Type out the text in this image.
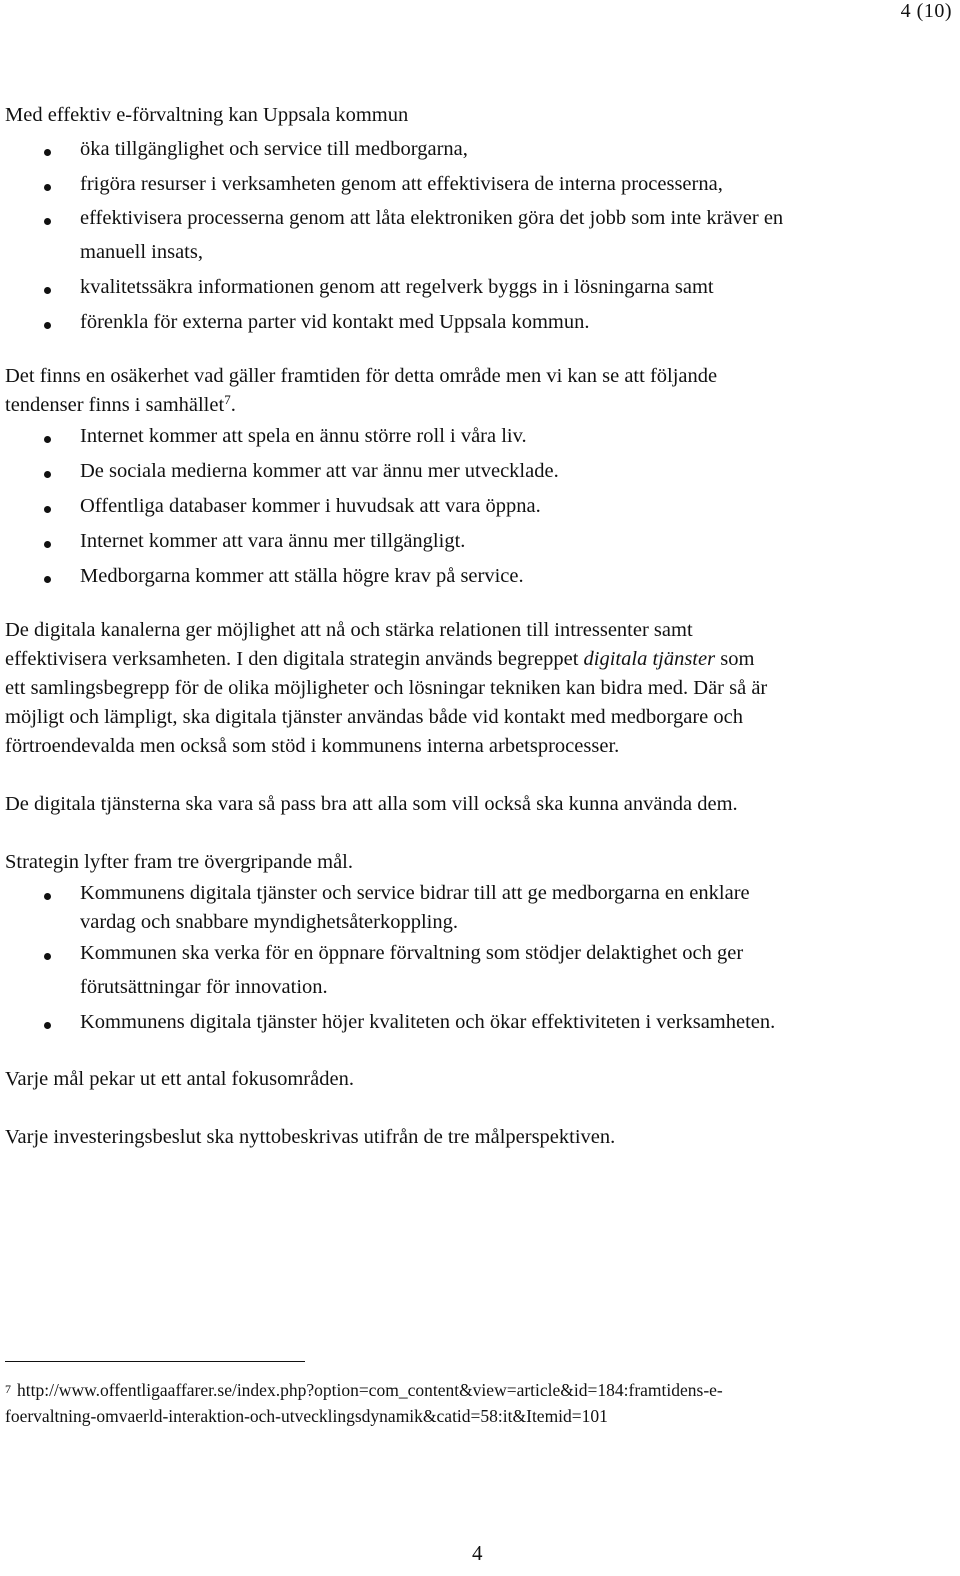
4 (10)

Med effektiv e-förvaltning kan Uppsala kommun

öka tillgänglighet och service till medborgarna,
frigöra resurser i verksamheten genom att effektivisera de interna processerna,
effektivisera processerna genom att låta elektroniken göra det jobb som inte kräver en
manuell insats,
kvalitetssäkra informationen genom att regelverk byggs in i lösningarna samt
förenkla för externa parter vid kontakt med Uppsala kommun.

Det finns en osäkerhet vad gäller framtiden för detta område men vi kan se att följande

tendenser finns i samhället$^7$.

Internet kommer att spela en ännu större roll i våra liv.
De sociala medierna kommer att var ännu mer utvecklade.
Offentliga databaser kommer i huvudsak att vara öppna.
Internet kommer att vara ännu mer tillgängligt.
Medborgarna kommer att ställa högre krav på service.

De digitala kanalerna ger möjlighet att nå och stärka relationen till intressenter samt

effektivisera verksamheten. I den digitala strategin används begreppet digitala tjänster som

ett samlingsbegrepp för de olika möjligheter och lösningar tekniken kan bidra med. Där så är

möjligt och lämpligt, ska digitala tjänster användas både vid kontakt med medborgare och

förtroendevalda men också som stöd i kommunens interna arbetsprocesser.

De digitala tjänsterna ska vara så pass bra att alla som vill också ska kunna använda dem.

Strategin lyfter fram tre övergripande mål.

Kommunens digitala tjänster och service bidrar till att ge medborgarna en enklare
vardag och snabbare myndighetsåterkoppling.
Kommunen ska verka för en öppnare förvaltning som stödjer delaktighet och ger
förutsättningar för innovation.
Kommunens digitala tjänster höjer kvaliteten och ökar effektiviteten i verksamheten.

Varje mål pekar ut ett antal fokusområden.

Varje investeringsbeslut ska nyttobeskrivas utifrån de tre målperspektiven.

$^7$ http://www.offentligaaffarer.se/index.php?option=com_content&view=article&id=184:framtidens-e-
foervaltning-omvaerld-interaktion-och-utvecklingsdynamik&catid=58:it&Itemid=101
4
